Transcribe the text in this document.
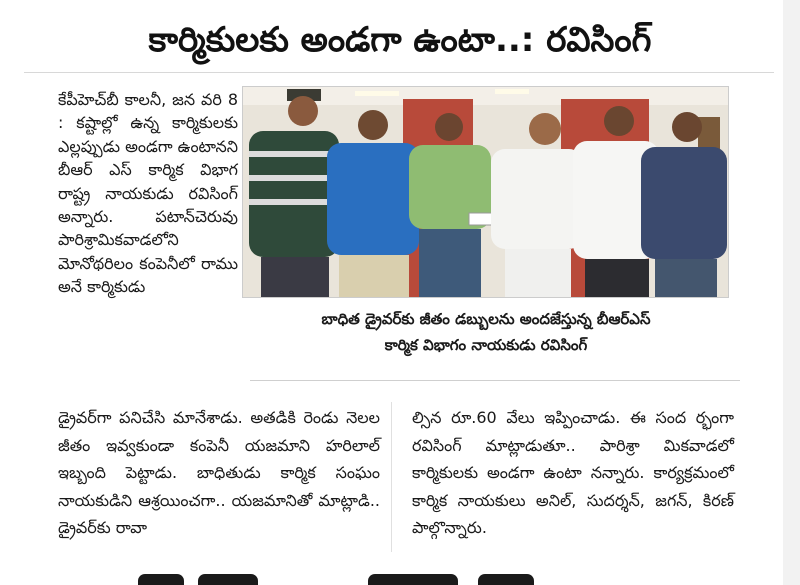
కార్మికులకు అండగా ఉంటా..: రవిసింగ్

కేపీహెచ్‌బీ కాలనీ, జన వరి 8 : కష్టాల్లో ఉన్న కార్మికులకు ఎల్లప్పుడు అండగా ఉంటానని బీఆర్‌ ఎస్‌ కార్మిక విభాగ రాష్ట్ర నాయకుడు రవిసింగ్‌ అన్నారు. పటాన్‌చెరువు పారిశ్రామికవాడలోని మోనోథరిలం కంపెనీలో రాము అనే కార్మికుడు

బాధిత డ్రైవర్‌కు జీతం డబ్బులను అందజేస్తున్న బీఆర్‌ఎస్‌
కార్మిక విభాగం నాయకుడు రవిసింగ్‌

డ్రైవర్‌గా పనిచేసి మానేశాడు. అతడికి రెండు నెలల జీతం ఇవ్వకుండా కంపెనీ యజమాని హరిలాల్‌ ఇబ్బంది పెట్టాడు. బాధితుడు కార్మిక సంఘం నాయకుడిని ఆశ్రయించగా.. యజమానితో మాట్లాడి.. డ్రైవర్‌కు రావా

ల్సిన రూ.60 వేలు ఇప్పించాడు. ఈ సంద ర్భంగా రవిసింగ్‌ మాట్లాడుతూ.. పారిశ్రా మికవాడలో కార్మికులకు అండగా ఉంటా నన్నారు. కార్యక్రమంలో కార్మిక నాయకులు అనిల్‌, సుదర్శన్‌, జగన్‌, కిరణ్‌ పాల్గొన్నారు.
